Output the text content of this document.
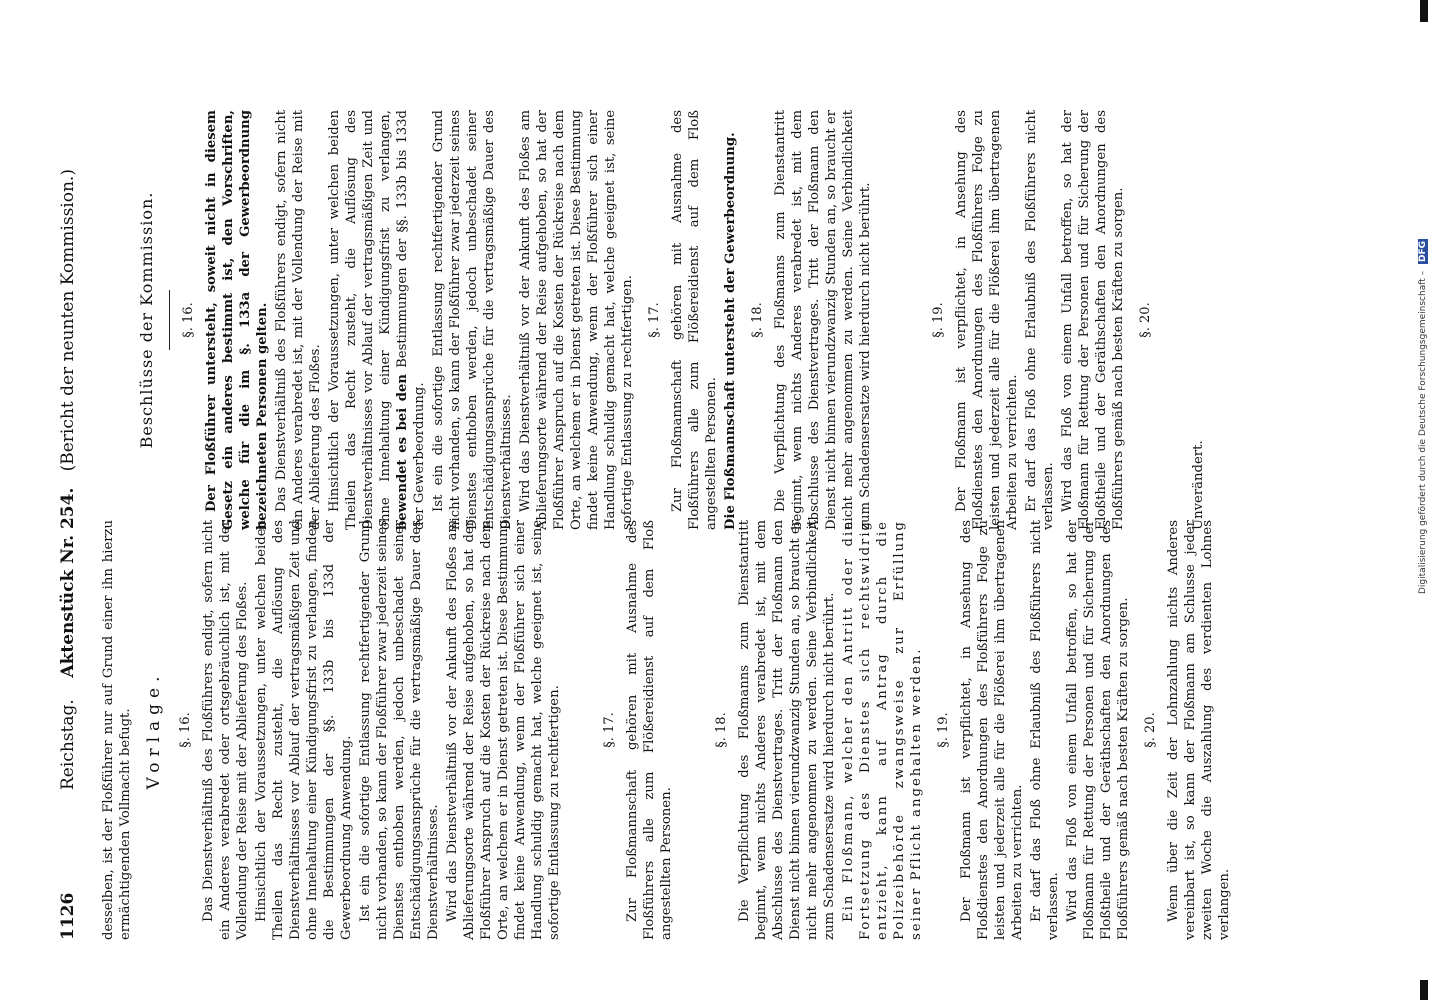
1126
Reichstag.    Aktenstück Nr. 254.   (Bericht der neunten Kommission.)

desselben, ist der Floßführer nur auf Grund einer ihn hierzu ermächtigenden Vollmacht befugt. Vorlage. §. 16. Das Dienstverhältniß des Floßführers endigt, sofern nicht ein Anderes verabredet oder ortsgebräuchlich ist, mit der Vollendung der Reise mit der Ablieferung des Floßes. Hinsichtlich der Voraussetzungen, unter welchen beiden Theilen das Recht zusteht, die Auflösung des Dienstverhältnisses vor Ablauf der vertragsmäßigen Zeit und ohne Innehaltung einer Kündigungsfrist zu verlangen, finden die Bestimmungen der §§. 133b bis 133d der Gewerbeordnung Anwendung. Ist ein die sofortige Entlassung rechtfertigender Grund nicht vorhanden, so kann der Floßführer zwar jederzeit seines Dienstes enthoben werden, jedoch unbeschadet seiner Entschädigungsansprüche für die vertragsmäßige Dauer des Dienstverhältnisses. Wird das Dienstverhältniß vor der Ankunft des Floßes am Ablieferungsorte während der Reise aufgehoben, so hat der Floßführer Anspruch auf die Kosten der Rückreise nach dem Orte, an welchem er in Dienst getreten ist. Diese Bestimmung findet keine Anwendung, wenn der Floßführer sich einer Handlung schuldig gemacht hat, welche geeignet ist, seine sofortige Entlassung zu rechtfertigen.	§. 17. Zur Floßmannschaft gehören mit Ausnahme des Floßführers alle zum Flößereidienst auf dem Floß angestellten Personen.

§. 18. Die Verpflichtung des Floßmanns zum Dienstantritt beginnt, wenn nichts Anderes verabredet ist, mit dem Abschlusse des Dienstvertrages. Tritt der Floßmann den Dienst nicht binnen vierundzwanzig Stunden an, so braucht er nicht mehr angenommen zu werden. Seine Verbindlichkeit zum Schadensersatze wird hierdurch nicht berührt. Ein Floßmann, welcher den Antritt oder die Fortsetzung des Dienstes sich rechtswidrig entzieht, kann auf Antrag durch die Polizeibehörde zwangsweise zur Erfüllung seiner Pflicht angehalten werden. §. 19. Der Floßmann ist verpflichtet, in Ansehung des Floßdienstes den Anordnungen des Floßführers Folge zu leisten und jederzeit alle für die Flößerei ihm übertragenen Arbeiten zu verrichten. Er darf das Floß ohne Erlaubniß des Floßführers nicht verlassen. Wird das Floß von einem Unfall betroffen, so hat der Floßmann für Rettung der Personen und für Sicherung der Floßtheile und der Geräthschaften den Anordnungen des Floßführers gemäß nach besten Kräften zu sorgen. §. 20. Wenn über die Zeit der Lohnzahlung nichts Anderes vereinbart ist, so kann der Floßmann am Schlusse jeder zweiten Woche die Auszahlung des verdienten Lohnes verlangen.

Beschlüsse der Kommission. §. 16. Der Floßführer untersteht, soweit nicht in diesem Gesetz ein anderes bestimmt ist, den Vorschriften, welche für die im §. 133a der Gewerbeordnung bezeichneten Personen gelten. Das Dienstverhältniß des Floßführers endigt, sofern nicht ein Anderes verabredet ist, mit der Vollendung der Reise mit der Ablieferung des Floßes. Hinsichtlich der Voraussetzungen, unter welchen beiden Theilen das Recht zusteht, die Auflösung des Dienstverhältnisses vor Ablauf der vertragsmäßigen Zeit und ohne Innehaltung einer Kündigungsfrist zu verlangen, bewendet es bei den Bestimmungen der §§. 133b bis 133d der Gewerbeordnung. Ist ein die sofortige Entlassung rechtfertigender Grund nicht vorhanden, so kann der Floßführer zwar jederzeit seines Dienstes enthoben werden, jedoch unbeschadet seiner Entschädigungsansprüche für die vertragsmäßige Dauer des Dienstverhältnisses. Wird das Dienstverhältniß vor der Ankunft des Floßes am Ablieferungsorte während der Reise aufgehoben, so hat der Floßführer Anspruch auf die Kosten der Rückreise nach dem Orte, an welchem er in Dienst getreten ist. Diese Bestimmung findet keine Anwendung, wenn der Floßführer sich einer Handlung schuldig gemacht hat, welche geeignet ist, seine sofortige Entlassung zu rechtfertigen. §. 17. Zur Floßmannschaft gehören mit Ausnahme des Floßführers alle zum Flößereidienst auf dem Floß angestellten Personen. Die Floßmannschaft untersteht der Gewerbeordnung. §. 18. Die Verpflichtung des Floßmanns zum Dienstantritt beginnt, wenn nichts Anderes verabredet ist, mit dem Abschlusse des Dienstvertrages. Tritt der Floßmann den Dienst nicht binnen vierundzwanzig Stunden an, so braucht er nicht mehr angenommen zu werden. Seine Verbindlichkeit zum Schadensersatze wird hierdurch nicht berührt.	§. 19. Der Floßmann ist verpflichtet, in Ansehung des Floßdienstes den Anordnungen des Floßführers Folge zu leisten und jederzeit alle für die Flößerei ihm übertragenen Arbeiten zu verrichten. Er darf das Floß ohne Erlaubniß des Floßführers nicht verlassen. Wird das Floß von einem Unfall betroffen, so hat der Floßmann für Rettung der Personen und für Sicherung der Floßtheile und der Geräthschaften den Anordnungen des Floßführers gemäß nach besten Kräften zu sorgen. §. 20.

Unverändert.	Digitalisierung gefördert durch die Deutsche Forschungsgemeinschaft – DFG
